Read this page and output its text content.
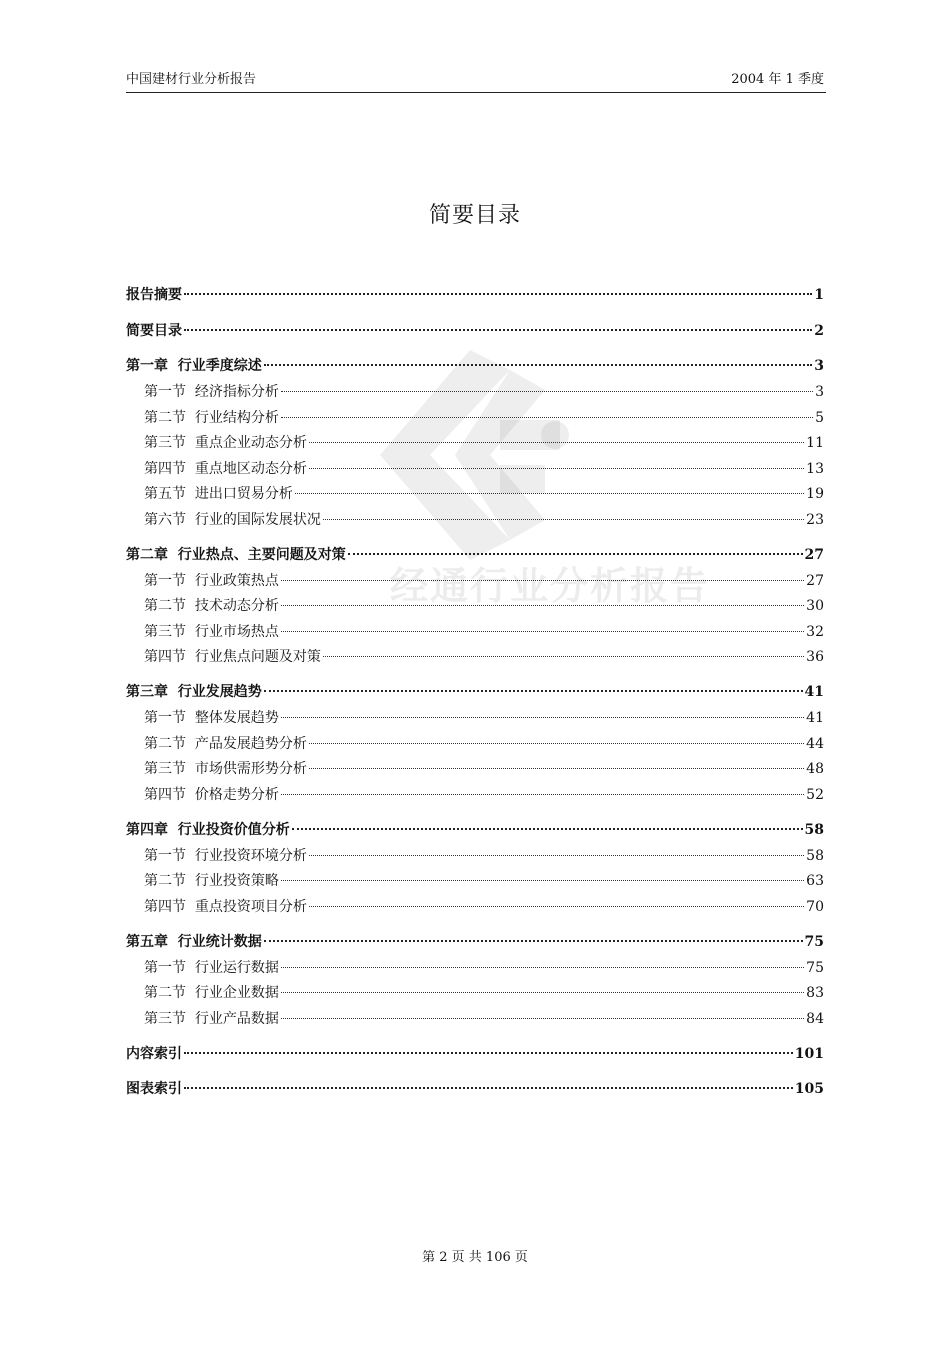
中国建材行业分析报告	2004 年 1 季度
经通行业分析报告
简要目录
报告摘要	1
简要目录	2
第一章  行业季度综述	3
第一节  经济指标分析	3
第二节  行业结构分析	5
第三节  重点企业动态分析	11
第四节  重点地区动态分析	13
第五节  进出口贸易分析	19
第六节  行业的国际发展状况	23
第二章  行业热点、主要问题及对策	27
第一节  行业政策热点	27
第二节  技术动态分析	30
第三节  行业市场热点	32
第四节  行业焦点问题及对策	36
第三章  行业发展趋势	41
第一节  整体发展趋势	41
第二节  产品发展趋势分析	44
第三节  市场供需形势分析	48
第四节  价格走势分析	52
第四章  行业投资价值分析	58
第一节  行业投资环境分析	58
第二节  行业投资策略	63
第四节  重点投资项目分析	70
第五章  行业统计数据	75
第一节  行业运行数据	75
第二节  行业企业数据	83
第三节  行业产品数据	84
内容索引	101
图表索引	105
第 2 页 共 106 页
